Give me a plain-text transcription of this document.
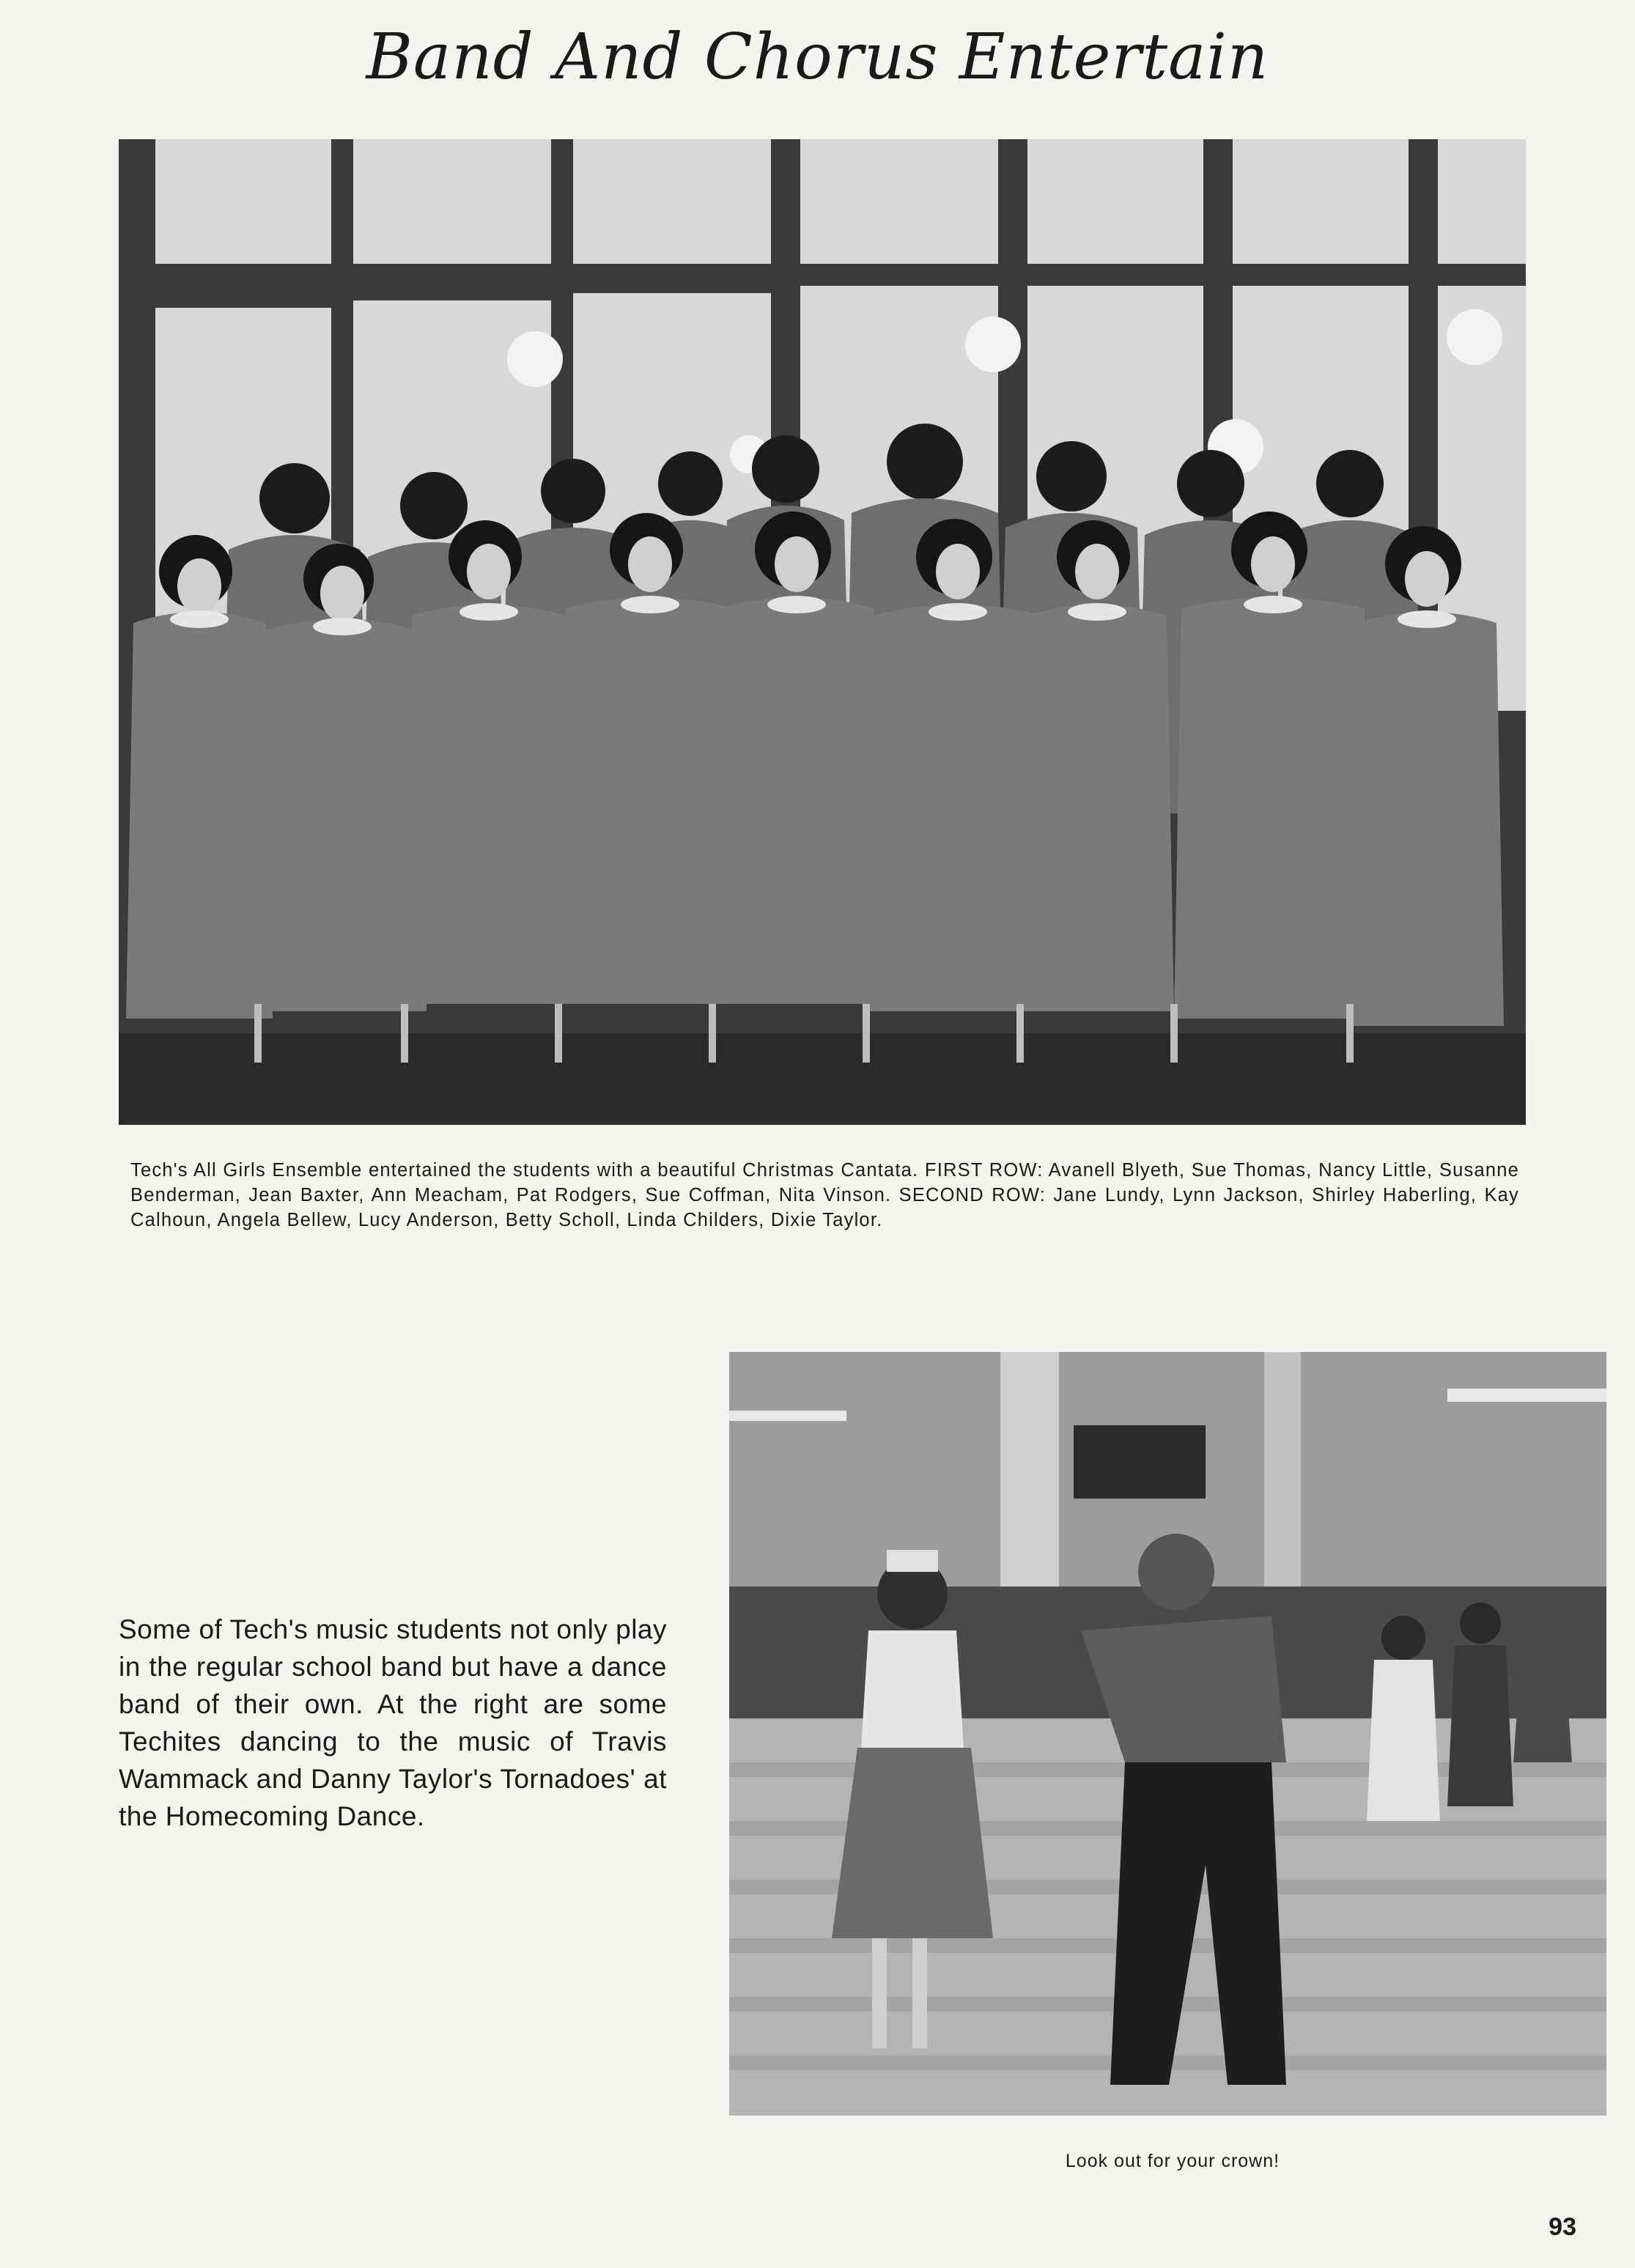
Band And Chorus Entertain
Tech's All Girls Ensemble entertained the students with a beautiful Christmas Cantata. FIRST ROW: Avanell Blyeth, Sue Thomas, Nancy Little, Susanne Benderman, Jean Baxter, Ann Meacham, Pat Rodgers, Sue Coffman, Nita Vinson. SECOND ROW: Jane Lundy, Lynn Jackson, Shirley Haberling, Kay Calhoun, Angela Bellew, Lucy Anderson, Betty Scholl, Linda Childers, Dixie Taylor.
Some of Tech's music students not only play in the regular school band but have a dance band of their own. At the right are some Techites dancing to the music of Travis Wammack and Danny Taylor's Tornadoes' at the Homecoming Dance.
Look out for your crown!
93
